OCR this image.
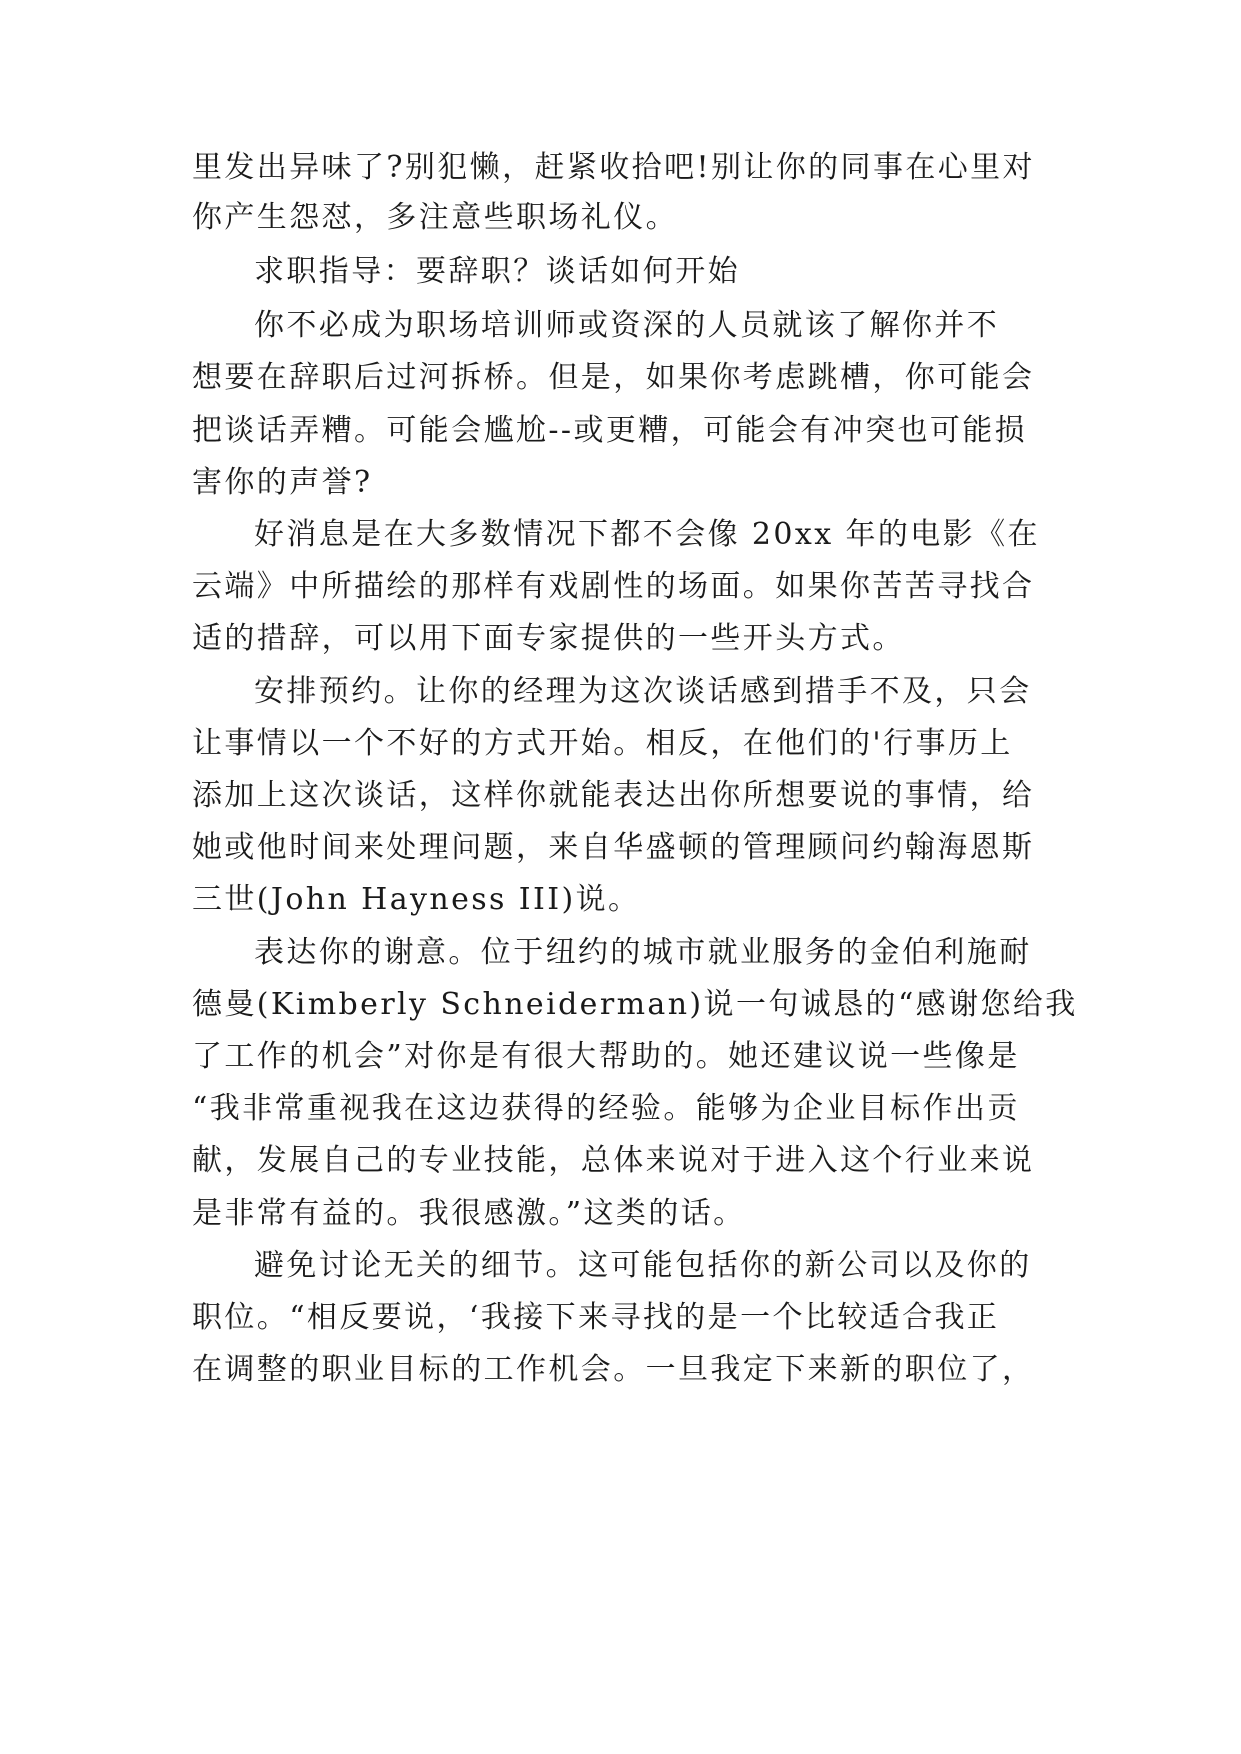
里发出异味了?别犯懒，赶紧收拾吧!别让你的同事在心里对
你产生怨怼，多注意些职场礼仪。
求职指导：要辞职？谈话如何开始
你不必成为职场培训师或资深的人员就该了解你并不
想要在辞职后过河拆桥。但是，如果你考虑跳槽，你可能会
把谈话弄糟。可能会尴尬--或更糟，可能会有冲突也可能损
害你的声誉?
好消息是在大多数情况下都不会像 20xx 年的电影《在
云端》中所描绘的那样有戏剧性的场面。如果你苦苦寻找合
适的措辞，可以用下面专家提供的一些开头方式。
安排预约。让你的经理为这次谈话感到措手不及，只会
让事情以一个不好的方式开始。相反，在他们的'行事历上
添加上这次谈话，这样你就能表达出你所想要说的事情，给
她或他时间来处理问题，来自华盛顿的管理顾问约翰海恩斯
三世(John Hayness III)说。
表达你的谢意。位于纽约的城市就业服务的金伯利施耐
德曼(Kimberly Schneiderman)说一句诚恳的“感谢您给我
了工作的机会”对你是有很大帮助的。她还建议说一些像是
“我非常重视我在这边获得的经验。能够为企业目标作出贡
献，发展自己的专业技能，总体来说对于进入这个行业来说
是非常有益的。我很感激。”这类的话。
避免讨论无关的细节。这可能包括你的新公司以及你的
职位。“相反要说，‘我接下来寻找的是一个比较适合我正
在调整的职业目标的工作机会。一旦我定下来新的职位了，
